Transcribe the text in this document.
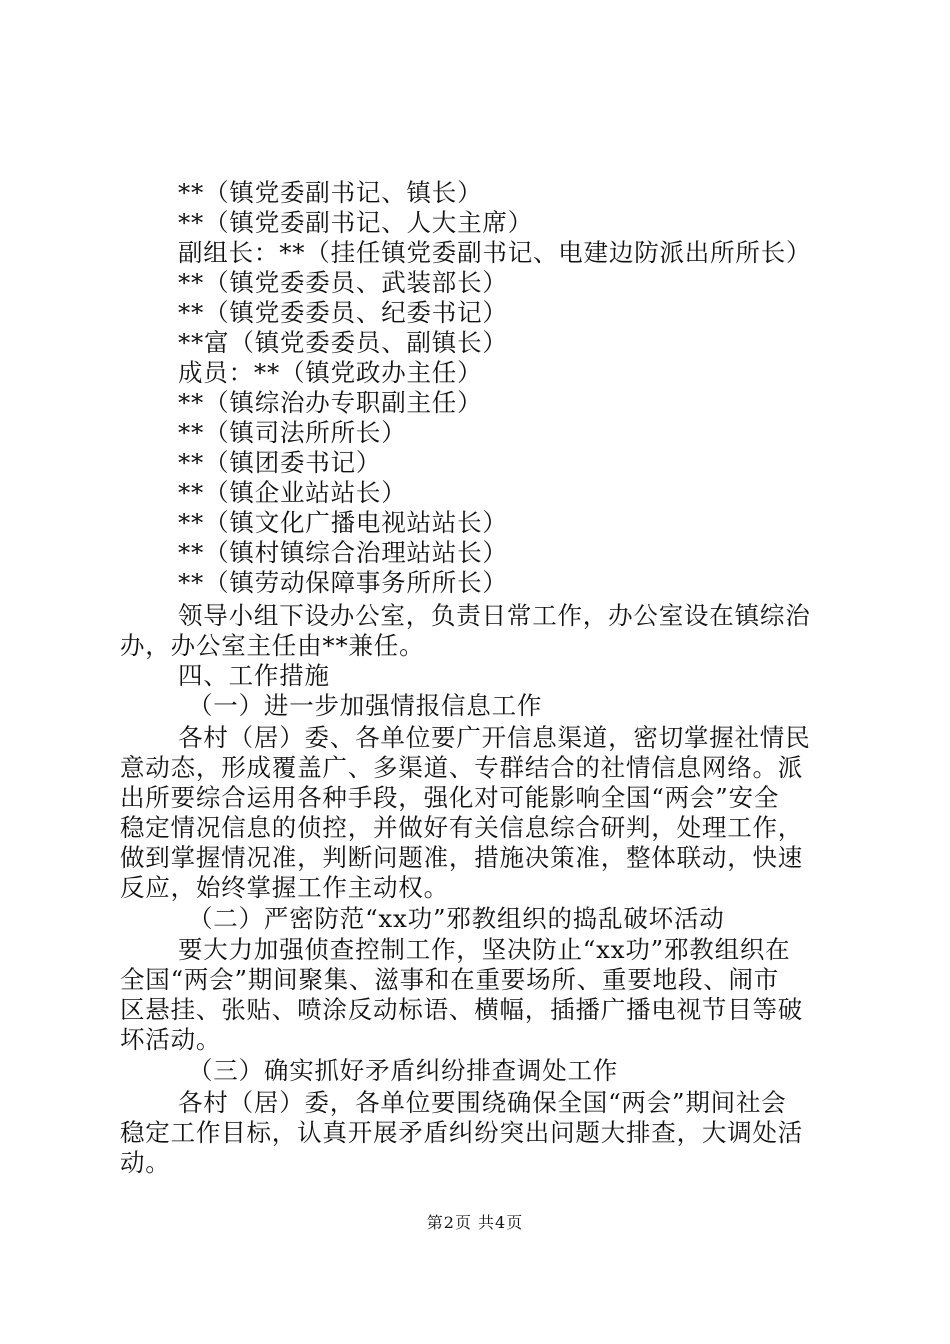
**（镇党委副书记、镇长）
**（镇党委副书记、人大主席）
副组长：**（挂任镇党委副书记、电建边防派出所所长）
**（镇党委委员、武装部长）
**（镇党委委员、纪委书记）
**富（镇党委委员、副镇长）
成员：**（镇党政办主任）
**（镇综治办专职副主任）
**（镇司法所所长）
**（镇团委书记）
**（镇企业站站长）
**（镇文化广播电视站站长）
**（镇村镇综合治理站站长）
**（镇劳动保障事务所所长）
领导小组下设办公室，负责日常工作，办公室设在镇综治
办，办公室主任由**兼任。
四、工作措施
（一）进一步加强情报信息工作
各村（居）委、各单位要广开信息渠道，密切掌握社情民
意动态，形成覆盖广、多渠道、专群结合的社情信息网络。派
出所要综合运用各种手段，强化对可能影响全国“两会”安全
稳定情况信息的侦控，并做好有关信息综合研判，处理工作，
做到掌握情况准，判断问题准，措施决策准，整体联动，快速
反应，始终掌握工作主动权。
（二）严密防范“xx功”邪教组织的捣乱破坏活动
要大力加强侦查控制工作，坚决防止“xx功”邪教组织在
全国“两会”期间聚集、滋事和在重要场所、重要地段、闹市
区悬挂、张贴、喷涂反动标语、横幅，插播广播电视节目等破
坏活动。
（三）确实抓好矛盾纠纷排查调处工作
各村（居）委，各单位要围绕确保全国“两会”期间社会
稳定工作目标，认真开展矛盾纠纷突出问题大排查，大调处活
动。
第2页 共4页
